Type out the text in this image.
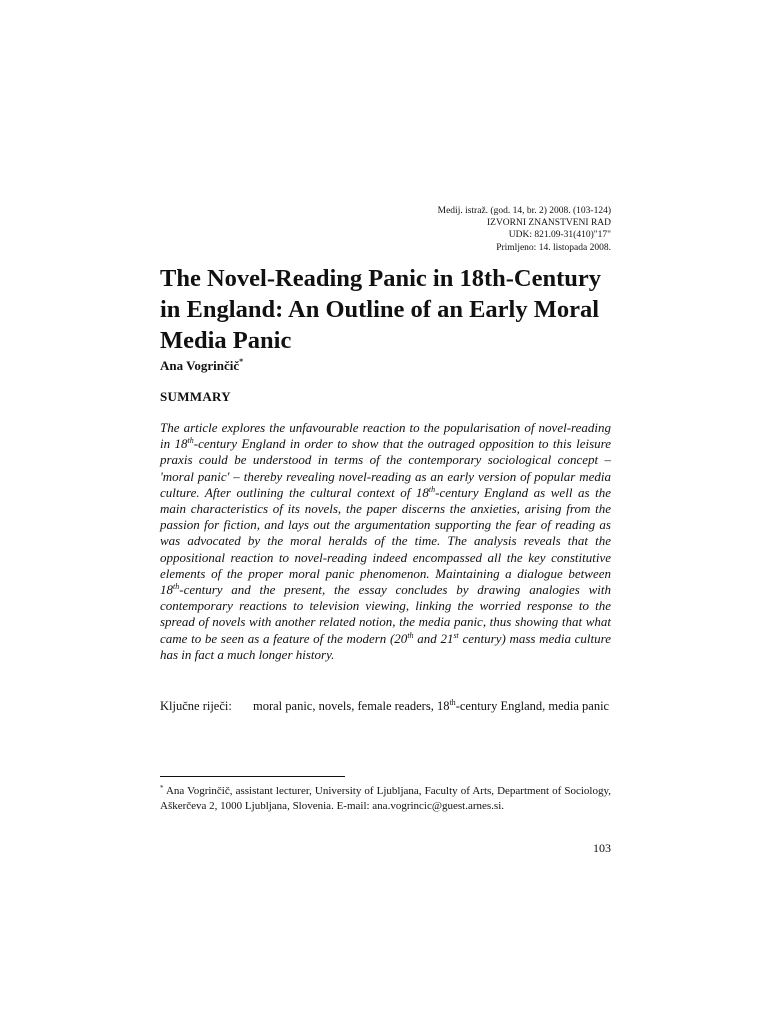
Medij. istraž. (god. 14, br. 2) 2008. (103-124)
IZVORNI ZNANSTVENI RAD
UDK: 821.09-31(410)"17"
Primljeno: 14. listopada 2008.
The Novel-Reading Panic in 18th-Century in England: An Outline of an Early Moral Media Panic
Ana Vogrinčič*
SUMMARY

The article explores the unfavourable reaction to the popularisation of novel-reading in 18th-century England in order to show that the outraged opposition to this leisure praxis could be understood in terms of the contemporary sociological concept – 'moral panic' – thereby revealing novel-reading as an early version of popular media culture. After outlining the cultural context of 18th-century England as well as the main characteristics of its novels, the paper discerns the anxieties, arising from the passion for fiction, and lays out the argumentation supporting the fear of reading as was advocated by the moral heralds of the time. The analysis reveals that the oppositional reaction to novel-reading indeed encompassed all the key constitutive elements of the proper moral panic phenomenon. Maintaining a dialogue between 18th-century and the present, the essay concludes by drawing analogies with contemporary reactions to television viewing, linking the worried response to the spread of novels with another related notion, the media panic, thus showing that what came to be seen as a feature of the modern (20th and 21st century) mass media culture has in fact a much longer history.

Ključne riječi:	moral panic, novels, female readers, 18th-century England, media panic
* Ana Vogrinčič, assistant lecturer, University of Ljubljana, Faculty of Arts, Department of Sociology, Aškerčeva 2, 1000 Ljubljana, Slovenia. E-mail: ana.vogrincic@guest.arnes.si.
103
